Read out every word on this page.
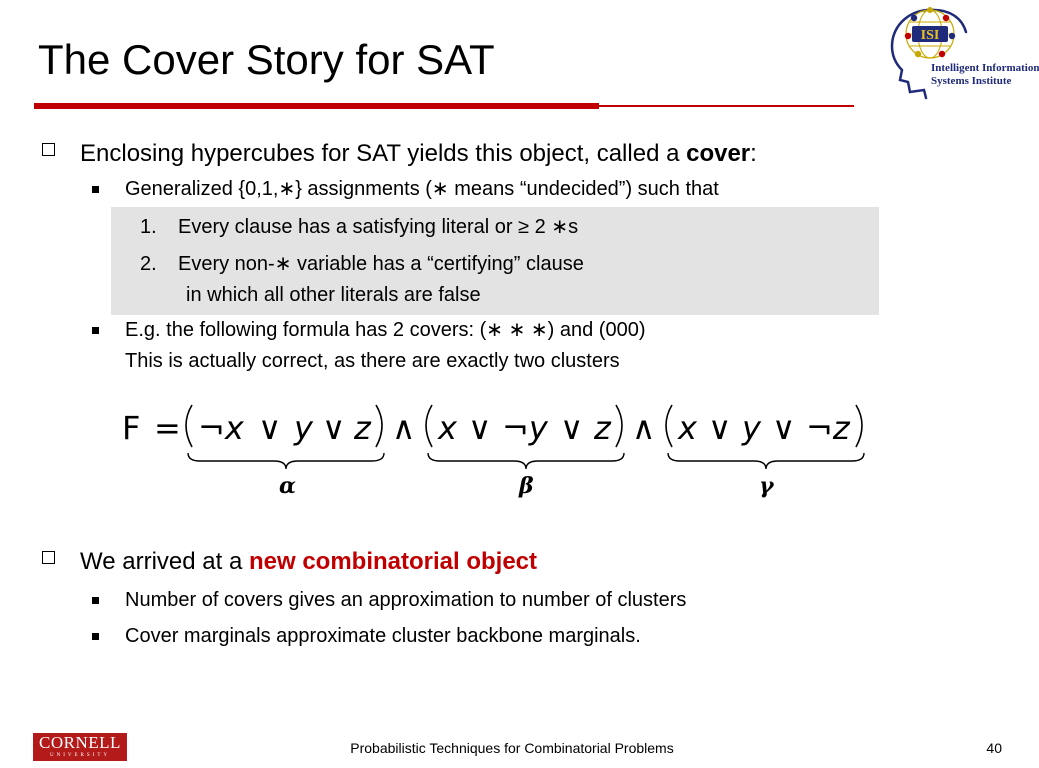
The Cover Story for SAT
ISI
Intelligent Information
Systems Institute
Enclosing hypercubes for SAT yields this object, called a cover:
Generalized {0,1,∗} assignments (∗ means “undecided”) such that
1. Every clause has a satisfying literal or ≥ 2 ∗s
2. Every non-∗ variable has a “certifying” clause
in which all other literals are false
E.g. the following formula has 2 covers: (∗ ∗ ∗) and (000)
This is actually correct, as there are exactly two clusters
F = ¬x ∨ y ∨ z ∧ x ∨ ¬y ∨ z ∧ x ∨ y ∨ ¬z
α	β	γ
We arrived at a new combinatorial object
Number of covers gives an approximation to number of clusters
Cover marginals approximate cluster backbone marginals.
CORNELL
UNIVERSITY	Probabilistic Techniques for Combinatorial Problems	40
